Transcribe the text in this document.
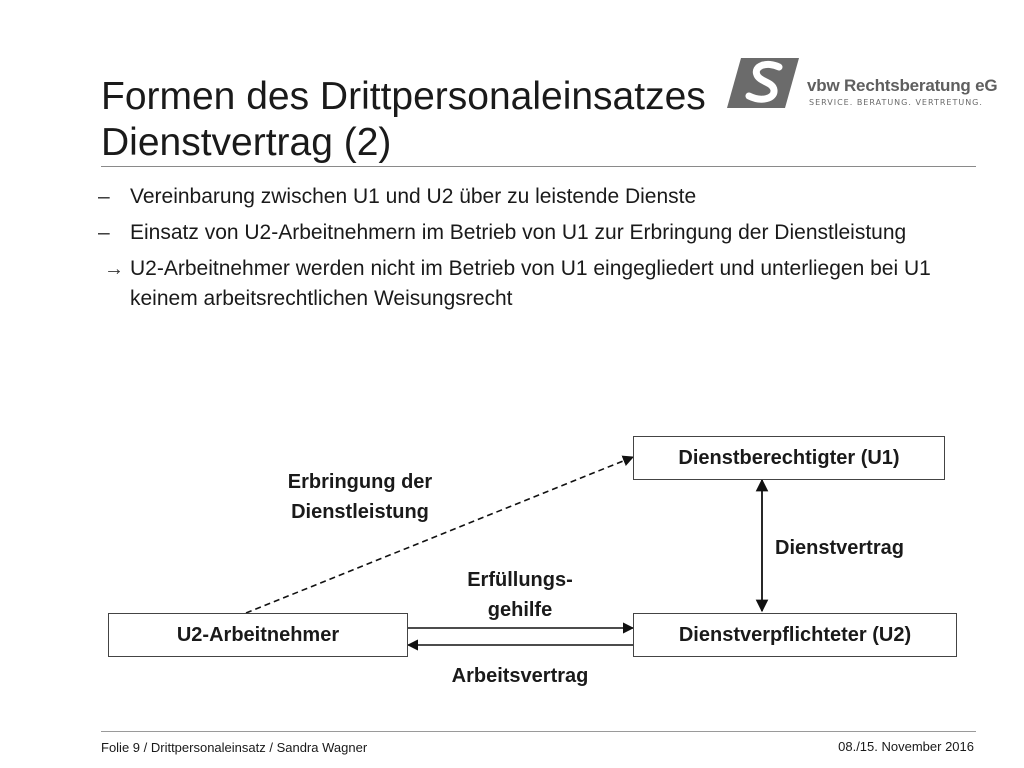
Formen des Drittpersonaleinsatzes
Dienstvertrag (2)
vbw Rechtsberatung eG
SERVICE. BERATUNG. VERTRETUNG.
– Vereinbarung zwischen U1 und U2 über zu leistende Dienste
– Einsatz von U2-Arbeitnehmern im Betrieb von U1 zur Erbringung der Dienstleistung
→ U2-Arbeitnehmer werden nicht im Betrieb von U1 eingegliedert und unterliegen bei U1 keinem arbeitsrechtlichen Weisungsrecht
Dienstberechtigter (U1)
Dienstverpflichteter (U2)
U2-Arbeitnehmer
Erbringung der
Dienstleistung
Dienstvertrag
Erfüllungs-
gehilfe
Arbeitsvertrag
Folie 9 / Drittpersonaleinsatz / Sandra Wagner	08./15. November 2016
